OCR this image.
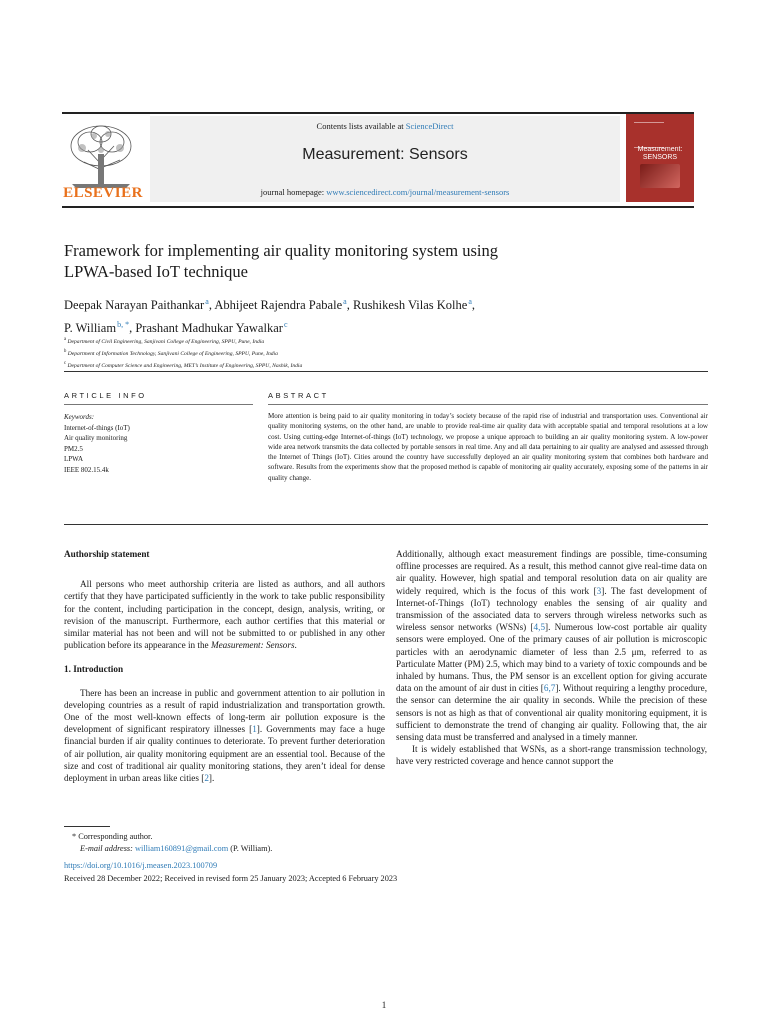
ELSEVIER
Contents lists available at ScienceDirect
Measurement: Sensors
journal homepage: www.sciencedirect.com/journal/measurement-sensors
Measurement: SENSORS
Framework for implementing air quality monitoring system using
LPWA-based IoT technique
Deepak Narayan Paithankar $^a$, Abhijeet Rajendra Pabale $^a$, Rushikesh Vilas Kolhe $^a$,
P. William $^{b, *}$, Prashant Madhukar Yawalkar $^c$
$^a$ Department of Civil Engineering, Sanjivani College of Engineering, SPPU, Pune, India
$^b$ Department of Information Technology, Sanjivani College of Engineering, SPPU, Pune, India
$^c$ Department of Computer Science and Engineering, MET’s Institute of Engineering, SPPU, Nashik, India
ARTICLE INFO	ABSTRACT
Keywords:
Internet-of-things (IoT)
Air quality monitoring
PM2.5
LPWA
IEEE 802.15.4k
More attention is being paid to air quality monitoring in today’s society because of the rapid rise of industrial and transportation uses. Conventional air quality monitoring systems, on the other hand, are unable to provide real-time air quality data with acceptable spatial and temporal resolutions at a low cost. Using cutting-edge Internet-of-things (IoT) technology, we propose a unique approach to building an air quality monitoring system. A low-power wide area network transmits the data collected by portable sensors in real time. Any and all data pertaining to air quality are analysed and assessed through the Internet of Things (IoT). Cities around the country have successfully deployed an air quality monitoring system that combines both hardware and software. Results from the experiments show that the proposed method is capable of monitoring air quality accurately, exposing some of the patterns in air quality change.

Authorship statement

All persons who meet authorship criteria are listed as authors, and all authors certify that they have participated sufficiently in the work to take public responsibility for the content, including participation in the concept, design, analysis, writing, or revision of the manuscript. Furthermore, each author certifies that this material or similar material has not been and will not be submitted to or published in any other publication before its appearance in the Measurement: Sensors.

1. Introduction

There has been an increase in public and government attention to air pollution in developing countries as a result of rapid industrialization and transportation growth. One of the most well-known effects of long-term air pollution exposure is the development of significant respiratory illnesses [1]. Governments may face a huge financial burden if air quality continues to deteriorate. To prevent further deterioration of air pollution, air quality monitoring equipment are an essential tool. Because of the size and cost of traditional air quality monitoring stations, they aren’t ideal for dense deployment in urban areas like cities [2].

Additionally, although exact measurement findings are possible, time-consuming offline processes are required. As a result, this method cannot give real-time data on air quality. However, high spatial and temporal resolution data on air quality are widely required, which is the focus of this work [3]. The fast development of Internet-of-Things (IoT) technology enables the sensing of air quality and transmission of the associated data to servers through wireless networks such as wireless sensor networks (WSNs) [4,5]. Numerous low-cost portable air quality sensors were employed. One of the primary causes of air pollution is microscopic particles with an aerodynamic diameter of less than 2.5 μm, referred to as Particulate Matter (PM) 2.5, which may bind to a variety of toxic compounds and be inhaled by humans. Thus, the PM sensor is an excellent option for giving accurate data on the amount of air dust in cities [6,7]. Without requiring a lengthy procedure, the sensor can determine the air quality in seconds. While the precision of these sensors is not as high as that of conventional air quality monitoring equipment, it is sufficient to demonstrate the trend of changing air quality. Following that, the air sensing data must be transferred and analysed in a timely manner.

It is widely established that WSNs, as a short-range transmission technology, have very restricted coverage and hence cannot support the

* Corresponding author.
E-mail address: william160891@gmail.com (P. William).
https://doi.org/10.1016/j.measen.2023.100709
Received 28 December 2022; Received in revised form 25 January 2023; Accepted 6 February 2023
1
